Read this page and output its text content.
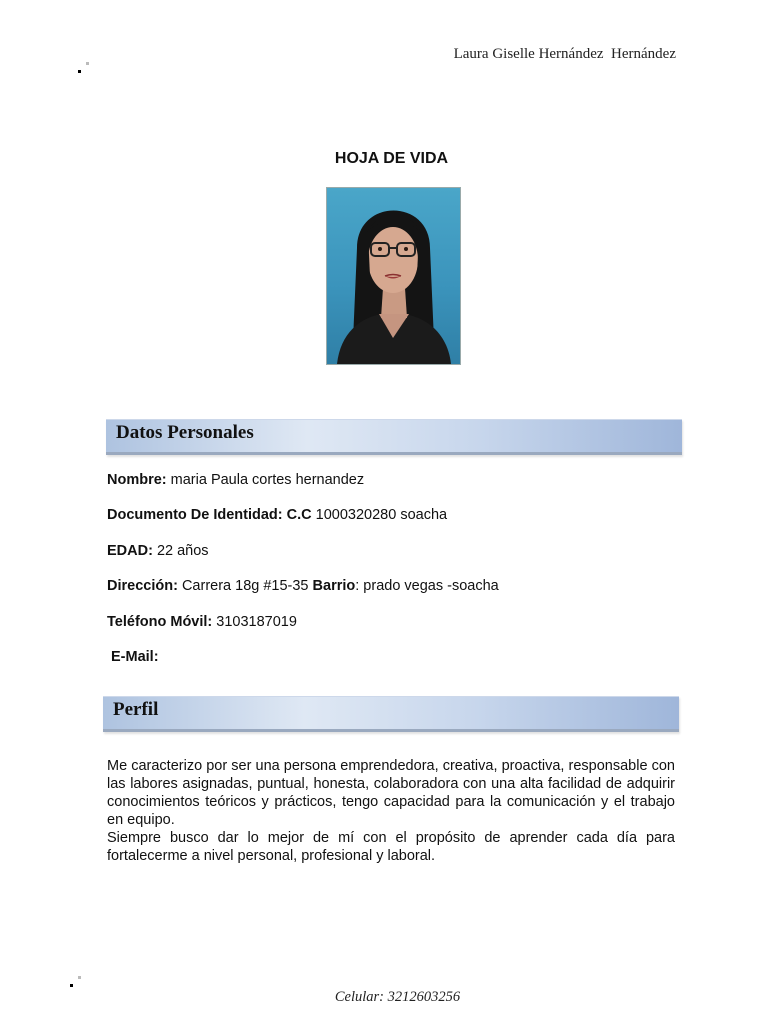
Laura Giselle Hernández  Hernández
HOJA DE VIDA
Datos Personales
Nombre: maria Paula cortes hernandez
Documento De Identidad: C.C 1000320280 soacha
EDAD: 22 años
Dirección: Carrera 18g #15-35 Barrio: prado vegas -soacha
Teléfono Móvil: 3103187019
E-Mail:
Perfil

Me caracterizo por ser una persona emprendedora, creativa, proactiva, responsable con las labores asignadas, puntual, honesta, colaboradora con una alta facilidad de adquirir conocimientos teóricos y prácticos, tengo capacidad para la comunicación y el trabajo en equipo.

Siempre busco dar lo mejor de mí con el propósito de aprender cada día para fortalecerme a nivel personal, profesional y laboral.

Celular: 3212603256
